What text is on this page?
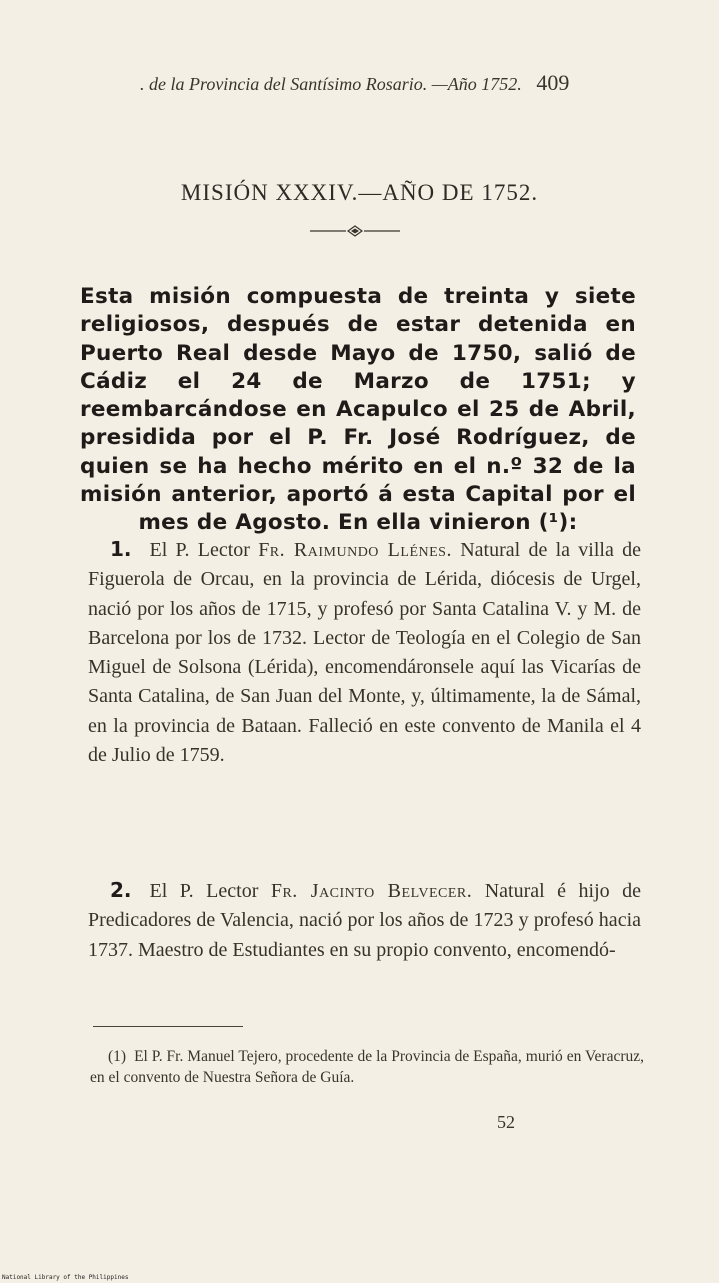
. de la Provincia del Santísimo Rosario. —Año 1752. 409
MISIÓN XXXIV.—AÑO DE 1752.
Esta misión compuesta de treinta y siete religiosos, después de estar detenida en Puerto Real desde Mayo de 1750, salió de Cádiz el 24 de Marzo de 1751; y reembarcándose en Acapulco el 25 de Abril, presidida por el P. Fr. José Rodríguez, de quien se ha hecho mérito en el n.º 32 de la misión anterior, aportó á esta Capital por el mes de Agosto. En ella vinieron (¹):
1. El P. Lector Fr. Raimundo Llénes. Natural de la villa de Figuerola de Orcau, en la provincia de Lérida, diócesis de Urgel, nació por los años de 1715, y profesó por Santa Catalina V. y M. de Barcelona por los de 1732. Lector de Teología en el Colegio de San Miguel de Solsona (Lérida), encomendáronsele aquí las Vicarías de Santa Catalina, de San Juan del Monte, y, últimamente, la de Sámal, en la provincia de Bataan. Falleció en este convento de Manila el 4 de Julio de 1759.
2. El P. Lector Fr. Jacinto Belvecer. Natural é hijo de Predicadores de Valencia, nació por los años de 1723 y profesó hacia 1737. Maestro de Estudiantes en su propio convento, encomendó-
(1) El P. Fr. Manuel Tejero, procedente de la Provincia de España, murió en Veracruz, en el convento de Nuestra Señora de Guía.
52
National Library of the Philippines
